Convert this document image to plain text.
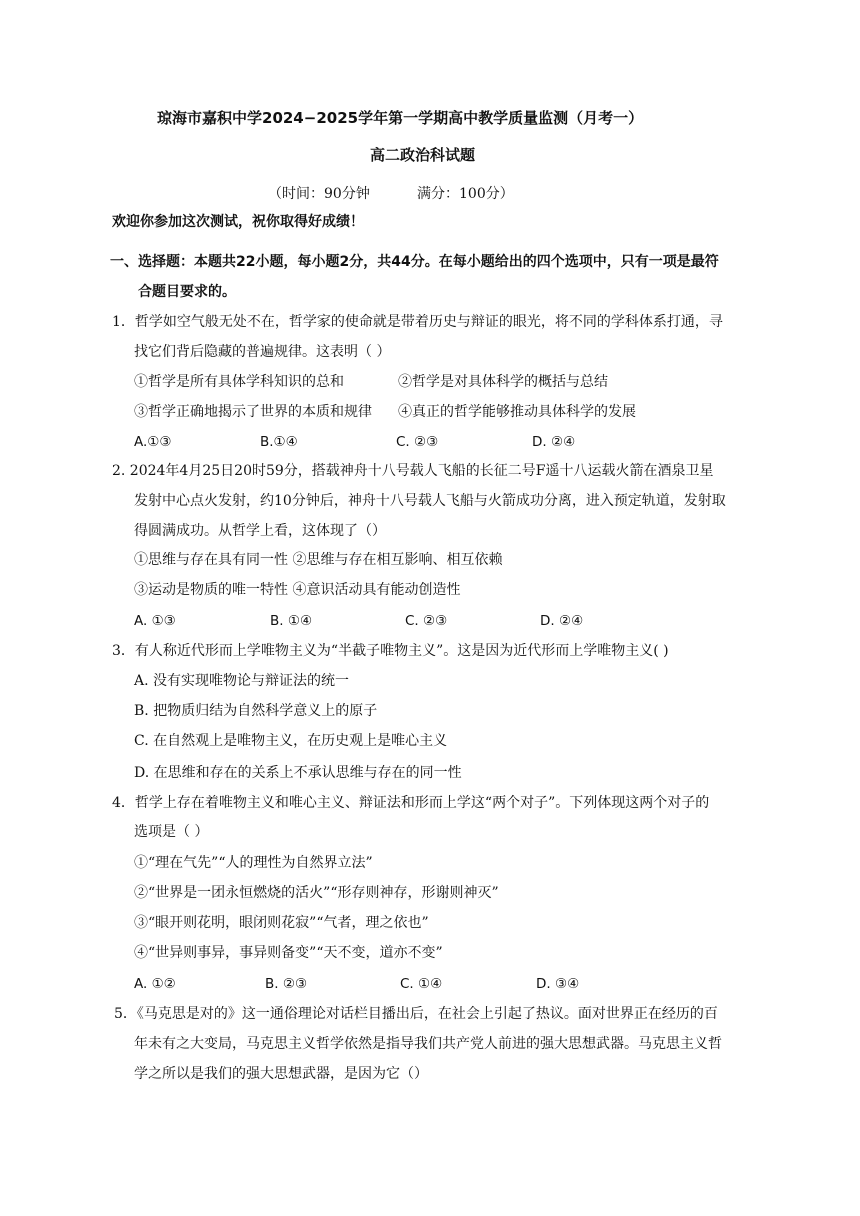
琼海市嘉积中学2024−2025学年第一学期高中教学质量监测（月考一）
高二政治科试题
（时间：90分钟	满分：100分）
欢迎你参加这次测试，祝你取得好成绩！
一、选择题：本题共22小题，每小题2分，共44分。在每小题给出的四个选项中，只有一项是最符
合题目要求的。
1．哲学如空气般无处不在，哲学家的使命就是带着历史与辩证的眼光，将不同的学科体系打通，寻
找它们背后隐藏的普遍规律。这表明（ ）
①哲学是所有具体学科知识的总和	②哲学是对具体科学的概括与总结
③哲学正确地揭示了世界的本质和规律 ④真正的哲学能够推动具体科学的发展
A.①③	B.①④	C. ②③	D. ②④
2. 2024年4月25日20时59分，搭载神舟十八号载人飞船的长征二号F遥十八运载火箭在酒泉卫星
发射中心点火发射，约10分钟后，神舟十八号载人飞船与火箭成功分离，进入预定轨道，发射取
得圆满成功。从哲学上看，这体现了（）
①思维与存在具有同一性 ②思维与存在相互影响、相互依赖
③运动是物质的唯一特性 ④意识活动具有能动创造性
A. ①③	B. ①④	C. ②③	D. ②④
3．有人称近代形而上学唯物主义为“半截子唯物主义”。这是因为近代形而上学唯物主义( )
A. 没有实现唯物论与辩证法的统一
B. 把物质归结为自然科学意义上的原子
C. 在自然观上是唯物主义，在历史观上是唯心主义
D. 在思维和存在的关系上不承认思维与存在的同一性
4．哲学上存在着唯物主义和唯心主义、辩证法和形而上学这“两个对子”。下列体现这两个对子的
选项是（ ）
①“理在气先”“人的理性为自然界立法”
②“世界是一团永恒燃烧的活火”“形存则神存，形谢则神灭”
③“眼开则花明，眼闭则花寂”“气者，理之依也”
④“世异则事异，事异则备变”“天不变，道亦不变”
A. ①②	B. ②③	C. ①④	D. ③④
5．《马克思是对的》这一通俗理论对话栏目播出后，在社会上引起了热议。面对世界正在经历的百
年未有之大变局，马克思主义哲学依然是指导我们共产党人前进的强大思想武器。马克思主义哲
学之所以是我们的强大思想武器，是因为它（）
